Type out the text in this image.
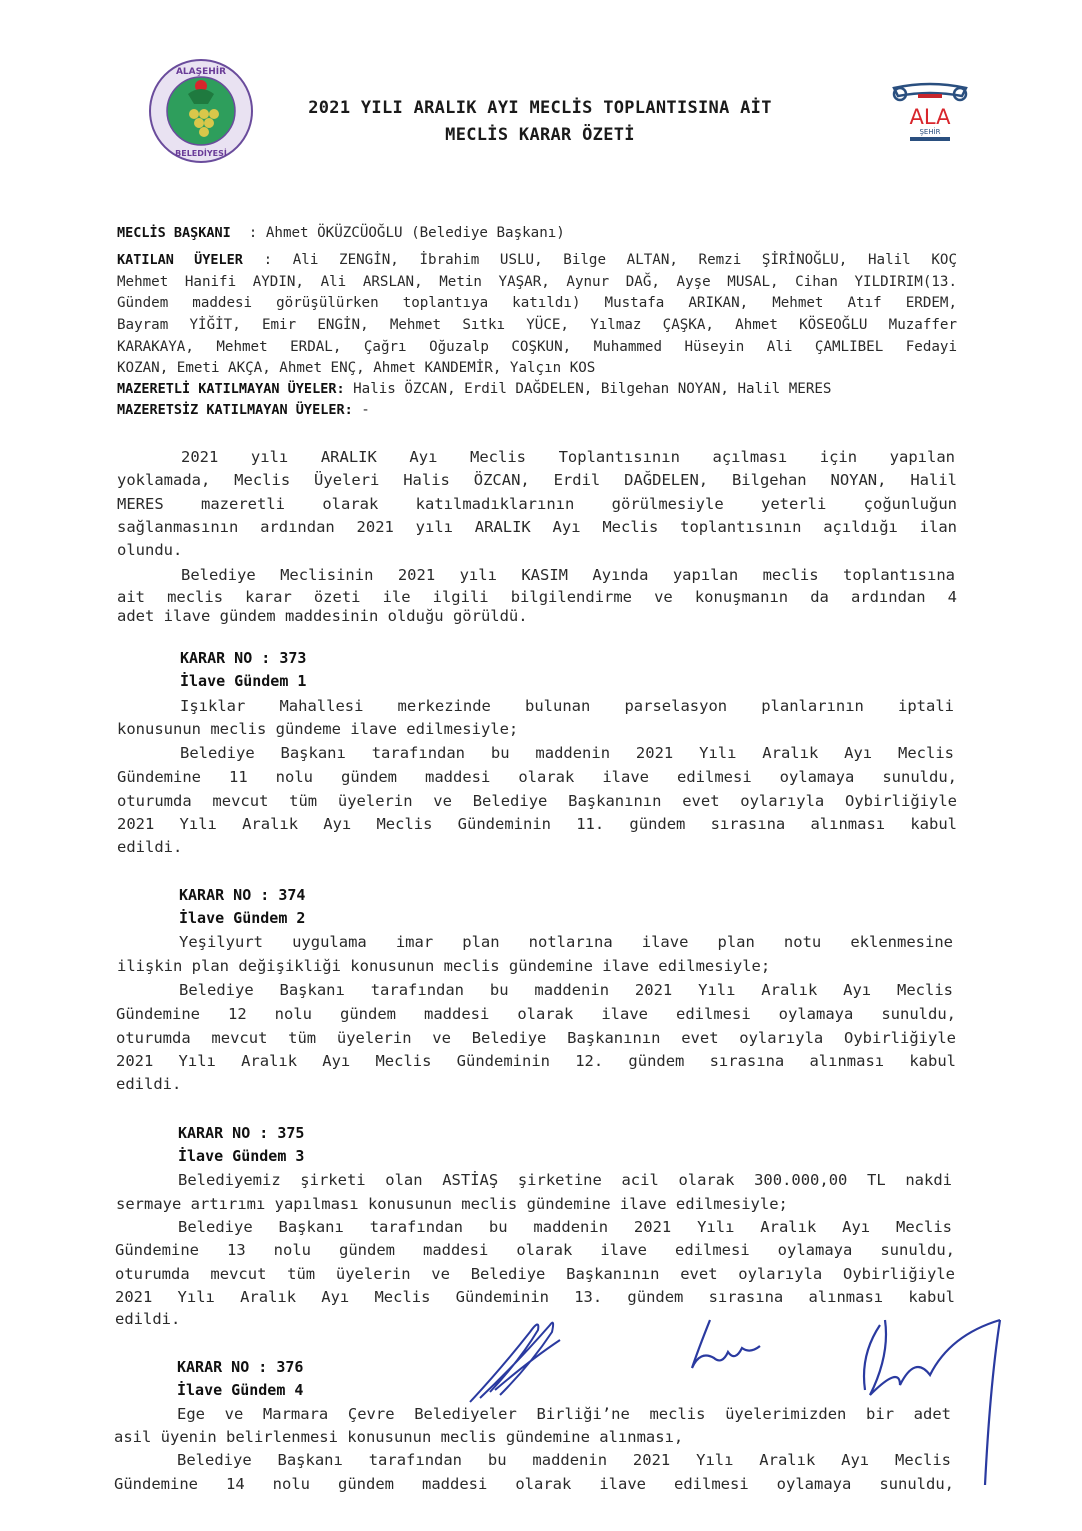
ALAŞEHİR
BELEDİYESİ
ALA
ŞEHİR
2021 YILI ARALIK AYI MECLİS TOPLANTISINA AİT
MECLİS KARAR ÖZETİ
MECLİS BAŞKANI : Ahmet ÖKÜZCÜOĞLU (Belediye Başkanı)
KATILAN ÜYELER : Ali ZENGİN, İbrahim USLU, Bilge ALTAN, Remzi ŞİRİNOĞLU, Halil KOÇ
Mehmet Hanifi AYDIN, Ali ARSLAN, Metin YAŞAR, Aynur DAĞ, Ayşe MUSAL, Cihan YILDIRIM(13.
Gündem maddesi görüşülürken toplantıya katıldı) Mustafa ARIKAN, Mehmet Atıf ERDEM,
Bayram YİĞİT, Emir ENGİN, Mehmet Sıtkı YÜCE, Yılmaz ÇAŞKA, Ahmet KÖSEOĞLU Muzaffer
KARAKAYA, Mehmet ERDAL, Çağrı Oğuzalp COŞKUN, Muhammed Hüseyin Ali ÇAMLIBEL Fedayi
KOZAN, Emeti AKÇA, Ahmet ENÇ, Ahmet KANDEMİR, Yalçın KOS
MAZERETLİ KATILMAYAN ÜYELER: Halis ÖZCAN, Erdil DAĞDELEN, Bilgehan NOYAN, Halil MERES
MAZERETSİZ KATILMAYAN ÜYELER: -
2021 yılı ARALIK Ayı Meclis Toplantısının açılması için yapılan
yoklamada, Meclis Üyeleri Halis ÖZCAN, Erdil DAĞDELEN, Bilgehan NOYAN, Halil
MERES mazeretli olarak katılmadıklarının görülmesiyle yeterli çoğunluğun
sağlanmasının ardından 2021 yılı ARALIK Ayı Meclis toplantısının açıldığı ilan
olundu.
Belediye Meclisinin 2021 yılı KASIM Ayında yapılan meclis toplantısına
ait meclis karar özeti ile ilgili bilgilendirme ve konuşmanın da ardından 4
adet ilave gündem maddesinin olduğu görüldü.
KARAR NO : 373
İlave Gündem 1
Işıklar Mahallesi merkezinde bulunan parselasyon planlarının iptali
konusunun meclis gündeme ilave edilmesiyle;
Belediye Başkanı tarafından bu maddenin 2021 Yılı Aralık Ayı Meclis
Gündemine 11 nolu gündem maddesi olarak ilave edilmesi oylamaya sunuldu,
oturumda mevcut tüm üyelerin ve Belediye Başkanının evet oylarıyla Oybirliğiyle
2021 Yılı Aralık Ayı Meclis Gündeminin 11. gündem sırasına alınması kabul
edildi.
KARAR NO : 374
İlave Gündem 2
Yeşilyurt uygulama imar plan notlarına ilave plan notu eklenmesine
ilişkin plan değişikliği konusunun meclis gündemine ilave edilmesiyle;
Belediye Başkanı tarafından bu maddenin 2021 Yılı Aralık Ayı Meclis
Gündemine 12 nolu gündem maddesi olarak ilave edilmesi oylamaya sunuldu,
oturumda mevcut tüm üyelerin ve Belediye Başkanının evet oylarıyla Oybirliğiyle
2021 Yılı Aralık Ayı Meclis Gündeminin 12. gündem sırasına alınması kabul
edildi.
KARAR NO : 375
İlave Gündem 3
Belediyemiz şirketi olan ASTİAŞ şirketine acil olarak 300.000,00 TL nakdi
sermaye artırımı yapılması konusunun meclis gündemine ilave edilmesiyle;
Belediye Başkanı tarafından bu maddenin 2021 Yılı Aralık Ayı Meclis
Gündemine 13 nolu gündem maddesi olarak ilave edilmesi oylamaya sunuldu,
oturumda mevcut tüm üyelerin ve Belediye Başkanının evet oylarıyla Oybirliğiyle
2021 Yılı Aralık Ayı Meclis Gündeminin 13. gündem sırasına alınması kabul
edildi.
KARAR NO : 376
İlave Gündem 4
Ege ve Marmara Çevre Belediyeler Birliği’ne meclis üyelerimizden bir adet
asil üyenin belirlenmesi konusunun meclis gündemine alınması,
Belediye Başkanı tarafından bu maddenin 2021 Yılı Aralık Ayı Meclis
Gündemine 14 nolu gündem maddesi olarak ilave edilmesi oylamaya sunuldu,
